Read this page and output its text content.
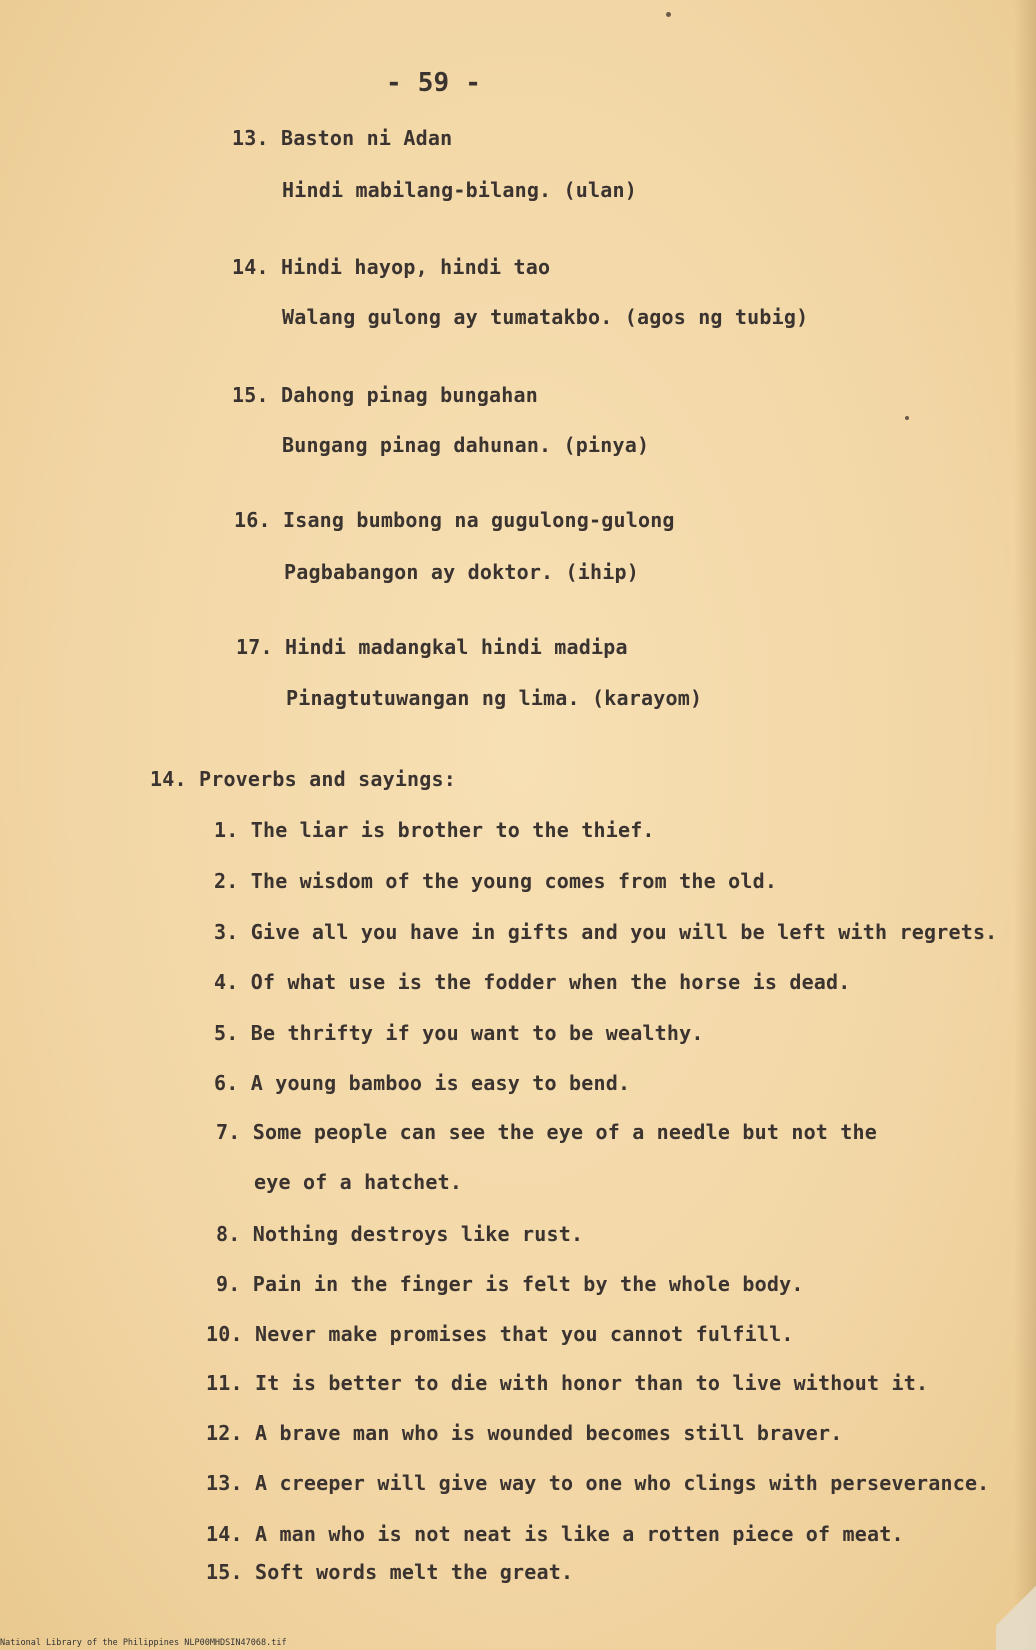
- 59 -
13. Baston ni Adan
Hindi mabilang-bilang. (ulan)
14. Hindi hayop, hindi tao
Walang gulong ay tumatakbo. (agos ng tubig)
15. Dahong pinag bungahan
Bungang pinag dahunan. (pinya)
16. Isang bumbong na gugulong-gulong
Pagbabangon ay doktor. (ihip)
17. Hindi madangkal hindi madipa
Pinagtutuwangan ng lima. (karayom)
14. Proverbs and sayings:
1. The liar is brother to the thief.
2. The wisdom of the young comes from the old.
3. Give all you have in gifts and you will be left with regrets.
4. Of what use is the fodder when the horse is dead.
5. Be thrifty if you want to be wealthy.
6. A young bamboo is easy to bend.
7. Some people can see the eye of a needle but not the
eye of a hatchet.
8. Nothing destroys like rust.
9. Pain in the finger is felt by the whole body.
10. Never make promises that you cannot fulfill.
11. It is better to die with honor than to live without it.
12. A brave man who is wounded becomes still braver.
13. A creeper will give way to one who clings with perseverance.
14. A man who is not neat is like a rotten piece of meat.
15. Soft words melt the great.
National Library of the Philippines NLP00MHDSIN47068.tif
